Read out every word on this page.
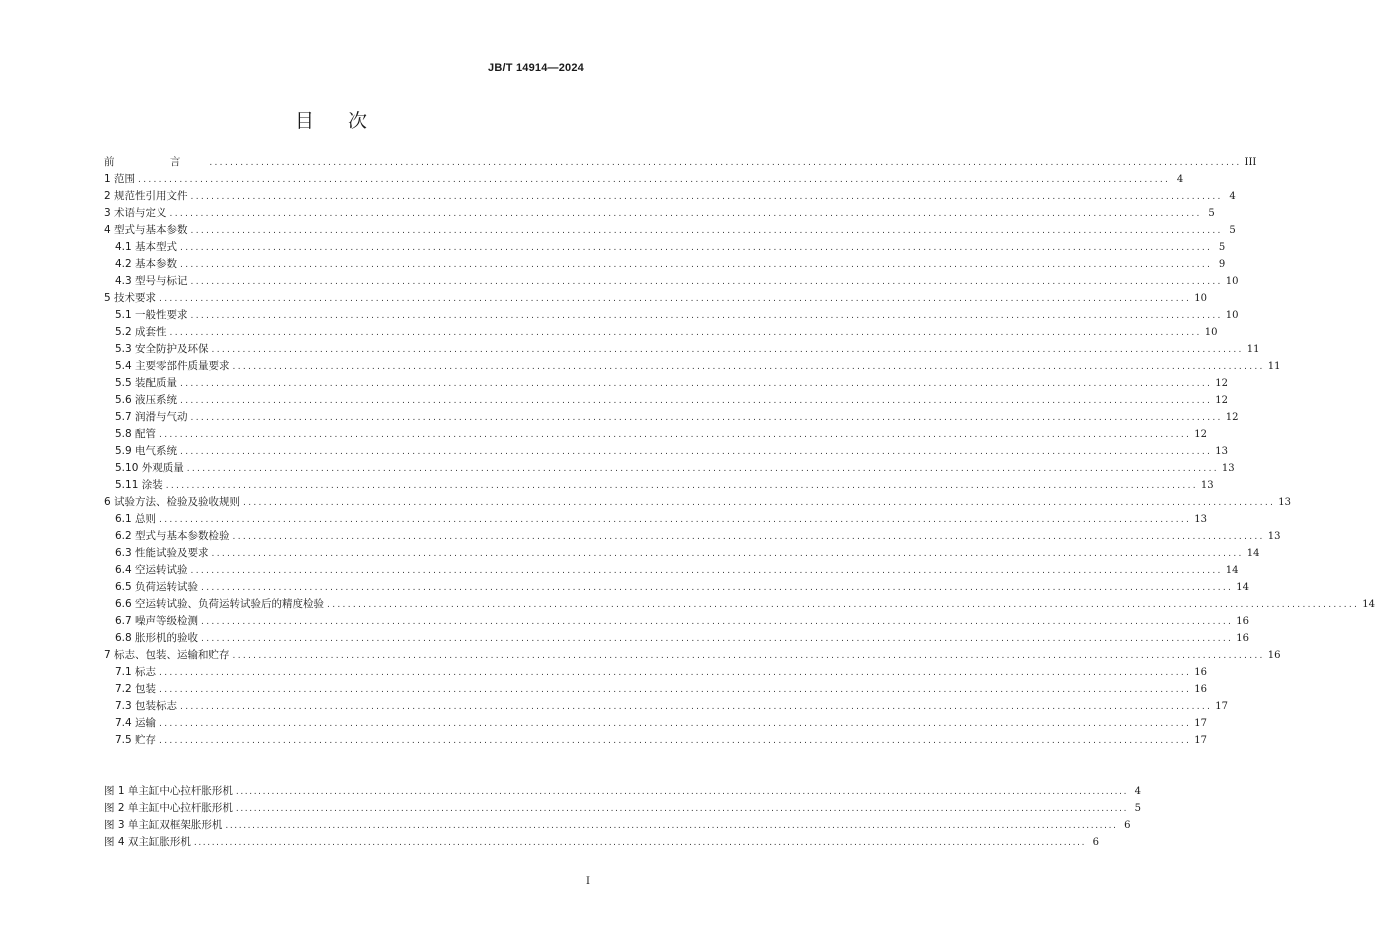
JB/T 14914—2024
目 次
前 言 ........................................................................................................................................................................................................ III
1 范围 ........................................................................................................................................................................................................ 4
2 规范性引用文件 ........................................................................................................................................................................................................ 4
3 术语与定义 ........................................................................................................................................................................................................ 5
4 型式与基本参数 ........................................................................................................................................................................................................ 5
4.1 基本型式 ........................................................................................................................................................................................................ 5
4.2 基本参数 ........................................................................................................................................................................................................ 9
4.3 型号与标记 ........................................................................................................................................................................................................ 10
5 技术要求 ........................................................................................................................................................................................................ 10
5.1 一般性要求 ........................................................................................................................................................................................................ 10
5.2 成套性 ........................................................................................................................................................................................................ 10
5.3 安全防护及环保 ........................................................................................................................................................................................................ 11
5.4 主要零部件质量要求 ........................................................................................................................................................................................................ 11
5.5 装配质量 ........................................................................................................................................................................................................ 12
5.6 液压系统 ........................................................................................................................................................................................................ 12
5.7 润滑与气动 ........................................................................................................................................................................................................ 12
5.8 配管 ........................................................................................................................................................................................................ 12
5.9 电气系统 ........................................................................................................................................................................................................ 13
5.10 外观质量 ........................................................................................................................................................................................................ 13
5.11 涂装 ........................................................................................................................................................................................................ 13
6 试验方法、检验及验收规则 ........................................................................................................................................................................................................ 13
6.1 总则 ........................................................................................................................................................................................................ 13
6.2 型式与基本参数检验 ........................................................................................................................................................................................................ 13
6.3 性能试验及要求 ........................................................................................................................................................................................................ 14
6.4 空运转试验 ........................................................................................................................................................................................................ 14
6.5 负荷运转试验 ........................................................................................................................................................................................................ 14
6.6 空运转试验、负荷运转试验后的精度检验 ........................................................................................................................................................................................................ 14
6.7 噪声等级检测 ........................................................................................................................................................................................................ 16
6.8 胀形机的验收 ........................................................................................................................................................................................................ 16
7 标志、包装、运输和贮存 ........................................................................................................................................................................................................ 16
7.1 标志 ........................................................................................................................................................................................................ 16
7.2 包装 ........................................................................................................................................................................................................ 16
7.3 包装标志 ........................................................................................................................................................................................................ 17
7.4 运输 ........................................................................................................................................................................................................ 17
7.5 贮存 ........................................................................................................................................................................................................ 17
图 1 单主缸中心拉杆胀形机 ........................................................................................................................................................................................................ 4
图 2 单主缸中心拉杆胀形机 ........................................................................................................................................................................................................ 5
图 3 单主缸双框架胀形机 ........................................................................................................................................................................................................ 6
图 4 双主缸胀形机 ........................................................................................................................................................................................................ 6
I
